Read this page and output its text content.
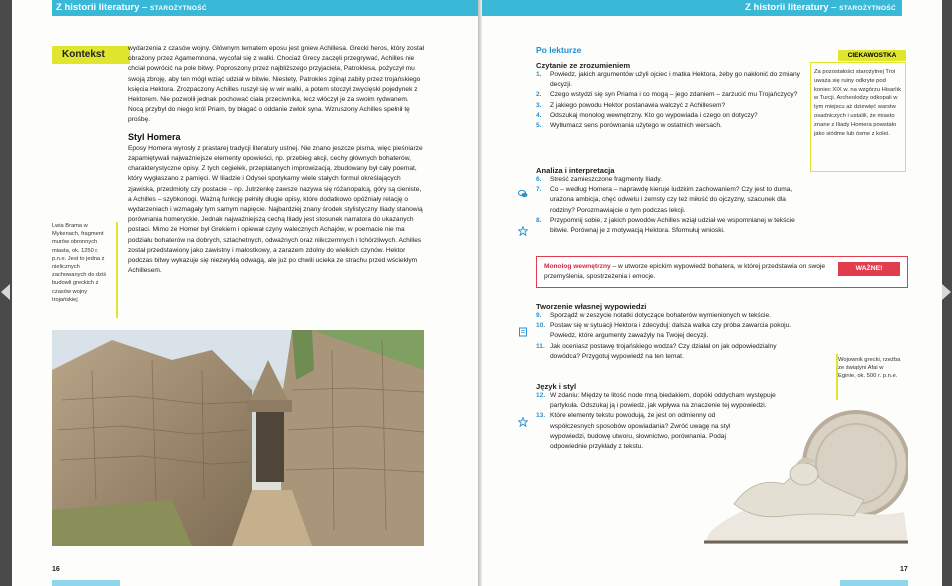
Z historii literatury – STAROŻYTNOŚĆ
Kontekst

wydarzenia z czasów wojny. Głównym tematem eposu jest gniew Achillesa. Grecki heros, który został obrażony przez Agamemnona, wycofał się z walki. Chociaż Grecy zaczęli przegrywać, Achilles nie chciał powrócić na pole bitwy. Poproszony przez najbliższego przyjaciela, Patroklesa, pożyczył mu swoją zbroję, aby ten mógł wziąć udział w bitwie. Niestety, Patrokles zginął zabity przez trojańskiego księcia Hektora. Zrozpaczony Achilles ruszył się w wir walki, a potem stoczył zwycięski pojedynek z Hektorem. Nie pozwolił jednak pochować ciała przeciwnika, lecz włóczył je za swoim rydwanem. Nocą przybył do niego król Priam, by błagać o oddanie zwłok syna. Wzruszony Achilles spełnił tę prośbę.

Styl Homera

Eposy Homera wyrosły z prastarej tradycji literatury ustnej. Nie znano jeszcze pisma, więc pieśniarze zapamiętywali najważniejsze elementy opowieści, np. przebieg akcji, cechy głównych bohaterów, charakterystyczne opisy. Z tych cegiełek, przeplatanych improwizacją, zbudowany był cały poemat, który wygłaszano z pamięci. W Iliadzie i Odysei spotykamy wiele stałych formuł określających zjawiska, przedmioty czy postacie – np. Jutrzenkę zawsze nazywa się różanopalcą, góry są cieniste, a Achilles – szybkonogi. Ważną funkcję pełniły długie opisy, które dodatkowo opóźniały relację o wydarzeniach i wzmagały tym samym napięcie. Najbardziej znany środek stylistyczny Iliady stanowią porównania homeryckie. Jednak najważniejszą cechą Iliady jest stosunek narratora do ukazanych postaci. Mimo że Homer był Grekiem i opiewał czyny walecznych Achajów, w poemacie nie ma podziału bohaterów na dobrych, szlachetnych, odważnych oraz niikczemnych i tchórzliwych. Achilles został przedstawiony jako zawistny i małostkowy, a zarazem zdolny do wielkich czynów. Hektor podczas bitwy wykazuje się niezwykłą odwagą, ale już po chwili ucieka ze strachu przed wściekłym Achillesem.

Lwia Brama w Mykenach, fragment murów obronnych miasta, ok. 1250 r. p.n.e. Jest to jedna z nielicznych zachowanych do dziś budowli greckich z czasów wojny trojańskiej
16
Z historii literatury – STAROŻYTNOŚĆ
Po lekturze
Czytanie ze zrozumieniem
1. Powiedz, jakich argumentów użyli ojciec i matka Hektora, żeby go nakłonić do zmiany decyzji.
2. Czego wstydzi się syn Priama i co mogą – jego zdaniem – zarzucić mu Trojańczycy?
3. Z jakiego powodu Hektor postanawia walczyć z Achillesem?
4. Odszukaj monolog wewnętrzny. Kto go wypowiada i czego on dotyczy?
5. Wytłumacz sens porównania użytego w ostatnich wersach.
Analiza i interpretacja
6. Streść zamieszczone fragmenty Iliady.
7. Co – według Homera – naprawdę kieruje ludzkim zachowaniem? Czy jest to duma, urażona ambicja, chęć odwetu i zemsty czy też miłość do ojczyzny, szacunek dla rodziny? Porozmawiajcie o tym podczas lekcji.
8. Przypomnij sobie, z jakich powodów Achilles wziął udział we wspomnianej w tekście bitwie. Porównaj je z motywacją Hektora. Sformułuj wnioski.
CIEKAWOSTKA
Za pozostałości starożytnej Troi uważa się ruiny odkryte pod koniec XIX w. na wzgórzu Hisarlık w Turcji. Archeolodzy odkopali w tym miejscu aż dziewięć warstw osadniczych i ustalili, że miasto znane z Iliady Homera powstało jako siódme lub ósme z kolei.
Monolog wewnętrzny – w utworze epickim wypowiedź bohatera, w której przedstawia on swoje przemyślenia, spostrzeżenia i emocje.
WAŻNE!
Tworzenie własnej wypowiedzi
9. Sporządź w zeszycie notatki dotyczące bohaterów wymienionych w tekście.
10. Postaw się w sytuacji Hektora i zdecyduj: dalsza walka czy próba zawarcia pokoju. Powiedz, które argumenty zaważyły na Twojej decyzji.
11. Jak oceniasz postawę trojańskiego wodza? Czy działał on jak odpowiedzialny dowódca? Przygotuj wypowiedź na ten temat.
Język i styl
12. W zdaniu: Między te litość node mną biedakiem, dopóki oddycham występuje partykuła. Odszukaj ją i powiedz, jak wpływa na znaczenie tej wypowiedzi.
13. Które elementy tekstu powodują, że jest on odmienny od współczesnych sposobów opowiadania? Zwróć uwagę na styl wypowiedzi, budowę utworu, słownictwo, porównania. Podaj odpowiednie przykłady z tekstu.
Wojownik grecki, rzeźba ze świątyni Afai w Eginie, ok. 500 r. p.n.e.
17
